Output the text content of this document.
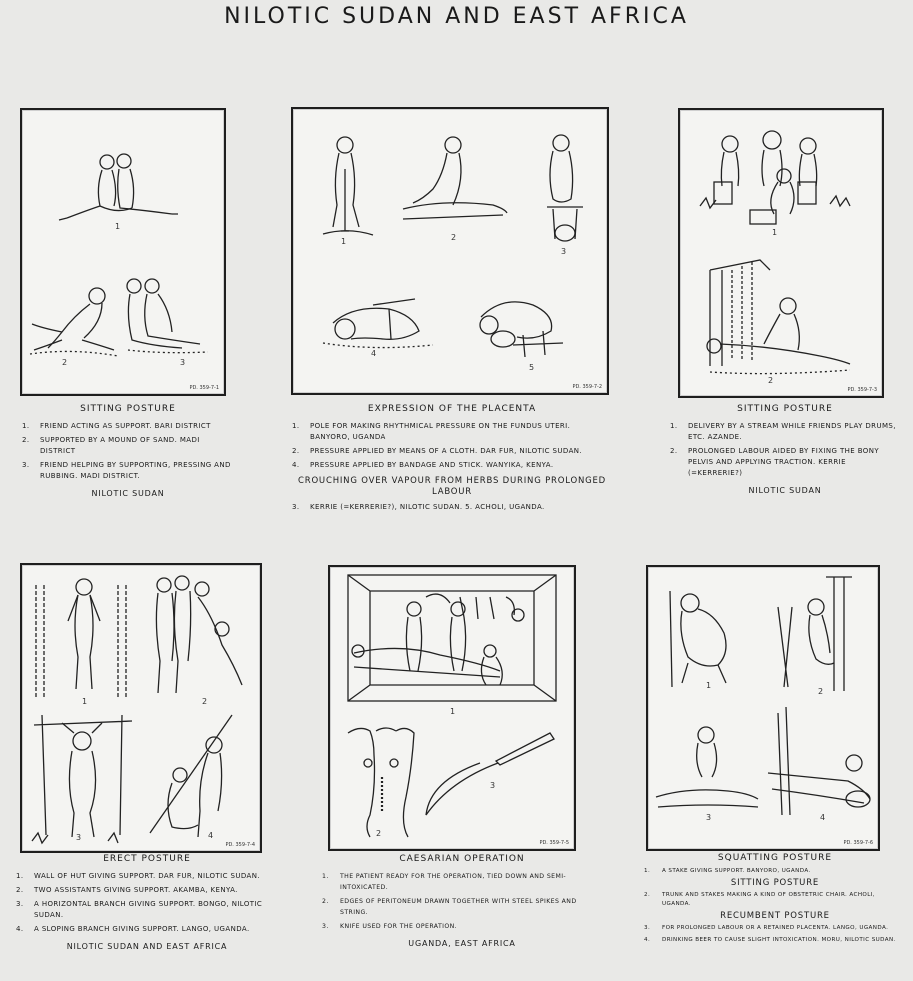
NILOTIC SUDAN AND EAST AFRICA
1
2	3
PD. 359-7-1
1	2
3
4
5
PD. 359-7-2
1
2
PD. 359-7-3
1	2
3	4
PD. 359-7-4
1
2
3
PD. 359-7-5
1
2
3	4
PD. 359-7-6
SITTING POSTURE
1.	FRIEND ACTING AS SUPPORT. BARI DISTRICT
2.	SUPPORTED BY A MOUND OF SAND. MADI DISTRICT
3.	FRIEND HELPING BY SUPPORTING, PRESSING AND RUBBING. MADI DISTRICT.
NILOTIC SUDAN
EXPRESSION OF THE PLACENTA
1.	POLE FOR MAKING RHYTHMICAL PRESSURE ON THE FUNDUS UTERI. BANYORO, UGANDA
2.	PRESSURE APPLIED BY MEANS OF A CLOTH. DAR FUR, NILOTIC SUDAN.
4.	PRESSURE APPLIED BY BANDAGE AND STICK. WANYIKA, KENYA.
CROUCHING OVER VAPOUR FROM HERBS DURING PROLONGED LABOUR
3.	KERRIE (=KERRERIE?), NILOTIC SUDAN. 5. ACHOLI, UGANDA.
SITTING POSTURE
1.	DELIVERY BY A STREAM WHILE FRIENDS PLAY DRUMS, ETC. AZANDE.
2.	PROLONGED LABOUR AIDED BY FIXING THE BONY PELVIS AND APPLYING TRACTION. KERRIE (=KERRERIE?)
NILOTIC SUDAN
ERECT POSTURE
1.	WALL OF HUT GIVING SUPPORT. DAR FUR, NILOTIC SUDAN.
2.	TWO ASSISTANTS GIVING SUPPORT. AKAMBA, KENYA.
3.	A HORIZONTAL BRANCH GIVING SUPPORT. BONGO, NILOTIC SUDAN.
4.	A SLOPING BRANCH GIVING SUPPORT. LANGO, UGANDA.
NILOTIC SUDAN AND EAST AFRICA
CAESARIAN OPERATION
1.	THE PATIENT READY FOR THE OPERATION, TIED DOWN AND SEMI-INTOXICATED.
2.	EDGES OF PERITONEUM DRAWN TOGETHER WITH STEEL SPIKES AND STRING.
3.	KNIFE USED FOR THE OPERATION.
UGANDA, EAST AFRICA
SQUATTING POSTURE
1.	A STAKE GIVING SUPPORT. BANYORO, UGANDA.
SITTING POSTURE
2.	TRUNK AND STAKES MAKING A KIND OF OBSTETRIC CHAIR. ACHOLI, UGANDA.
RECUMBENT POSTURE
3.	FOR PROLONGED LABOUR OR A RETAINED PLACENTA. LANGO, UGANDA.
4.	DRINKING BEER TO CAUSE SLIGHT INTOXICATION. MORU, NILOTIC SUDAN.
